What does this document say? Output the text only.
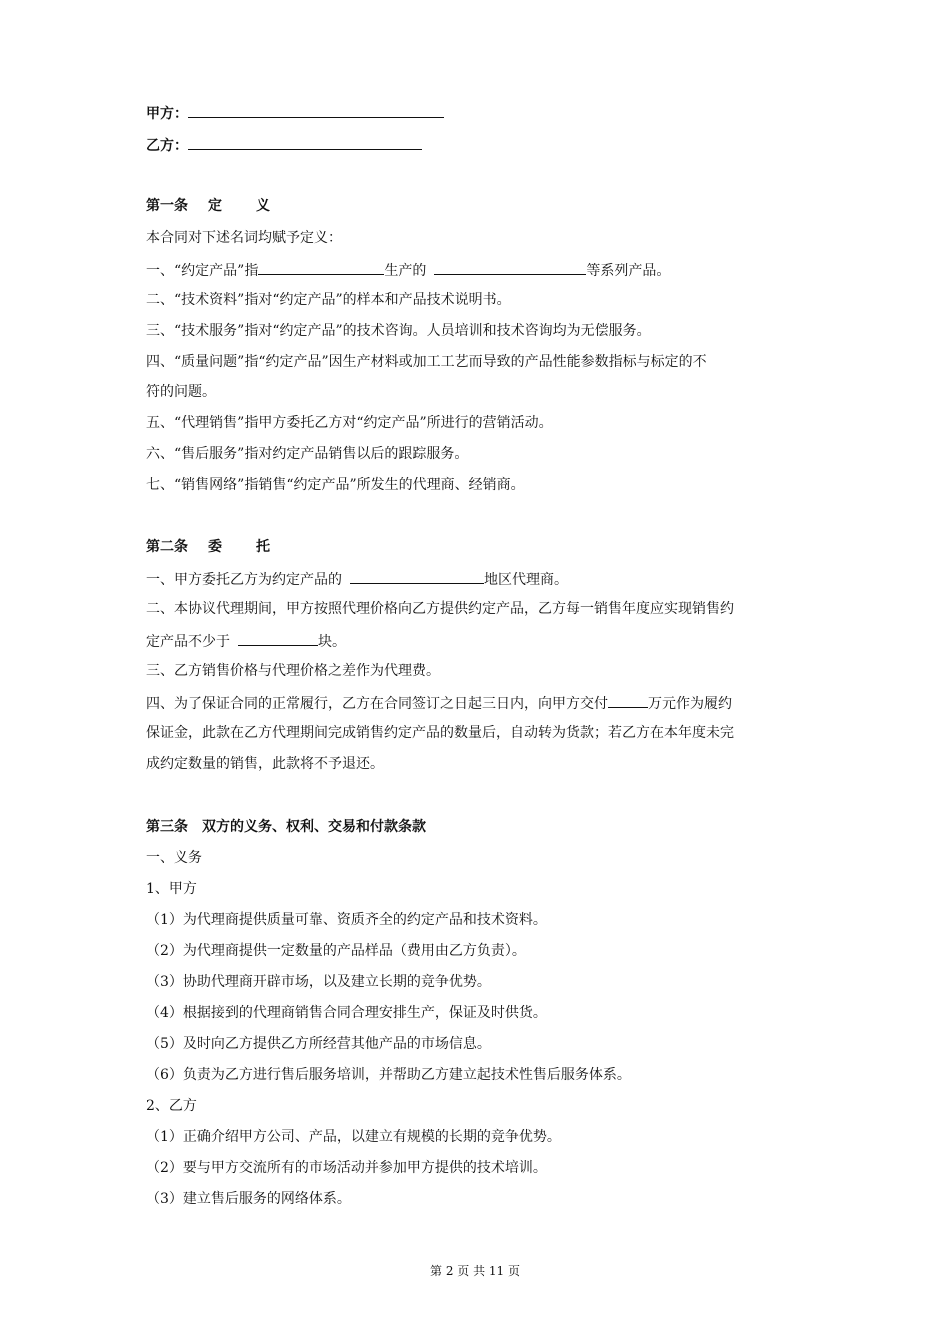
甲方：
乙方：
第一条 定 义
本合同对下述名词均赋予定义：
一、“约定产品”指	生产的	等系列产品。
二、“技术资料”指对“约定产品”的样本和产品技术说明书。
三、“技术服务”指对“约定产品”的技术咨询。人员培训和技术咨询均为无偿服务。
四、“质量问题”指“约定产品”因生产材料或加工工艺而导致的产品性能参数指标与标定的不
符的问题。
五、“代理销售”指甲方委托乙方对“约定产品”所进行的营销活动。
六、“售后服务”指对约定产品销售以后的跟踪服务。
七、“销售网络”指销售“约定产品”所发生的代理商、经销商。
第二条 委 托
一、甲方委托乙方为约定产品的	地区代理商。
二、本协议代理期间，甲方按照代理价格向乙方提供约定产品，乙方每一销售年度应实现销售约
定产品不少于	块。
三、乙方销售价格与代理价格之差作为代理费。
四、为了保证合同的正常履行，乙方在合同签订之日起三日内，向甲方交付	万元作为履约
保证金，此款在乙方代理期间完成销售约定产品的数量后，自动转为货款；若乙方在本年度未完
成约定数量的销售，此款将不予退还。
第三条　双方的义务、权利、交易和付款条款
一、义务
1、甲方
（1）为代理商提供质量可靠、资质齐全的约定产品和技术资料。
（2）为代理商提供一定数量的产品样品（费用由乙方负责）。
（3）协助代理商开辟市场，以及建立长期的竞争优势。
（4）根据接到的代理商销售合同合理安排生产，保证及时供货。
（5）及时向乙方提供乙方所经营其他产品的市场信息。
（6）负责为乙方进行售后服务培训，并帮助乙方建立起技术性售后服务体系。
2、乙方
（1）正确介绍甲方公司、产品，以建立有规模的长期的竞争优势。
（2）要与甲方交流所有的市场活动并参加甲方提供的技术培训。
（3）建立售后服务的网络体系。
第 2 页 共 11 页
